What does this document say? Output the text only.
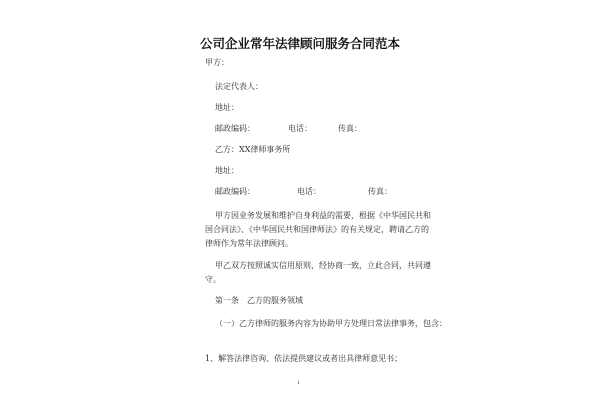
公司企业常年法律顾问服务合同范本
甲方：
法定代表人：
地址：
邮政编码：	电话：	传真：
乙方：XX律师事务所
地址：
邮政编码：	电话：	传真：
甲方因业务发展和维护自身利益的需要，根据《中华国民共和
国合同法》、《中华国民共和国律师法》的有关规定，聘请乙方的
律师作为常年法律顾问。
甲乙双方按照诚实信用原则，经协商一致，立此合同，共同遵
守。
第一条　乙方的服务领域
（一）乙方律师的服务内容为协助甲方处理日常法律事务，包含：
1、解答法律咨询、依法提供建议或者出具律师意见书；
1
